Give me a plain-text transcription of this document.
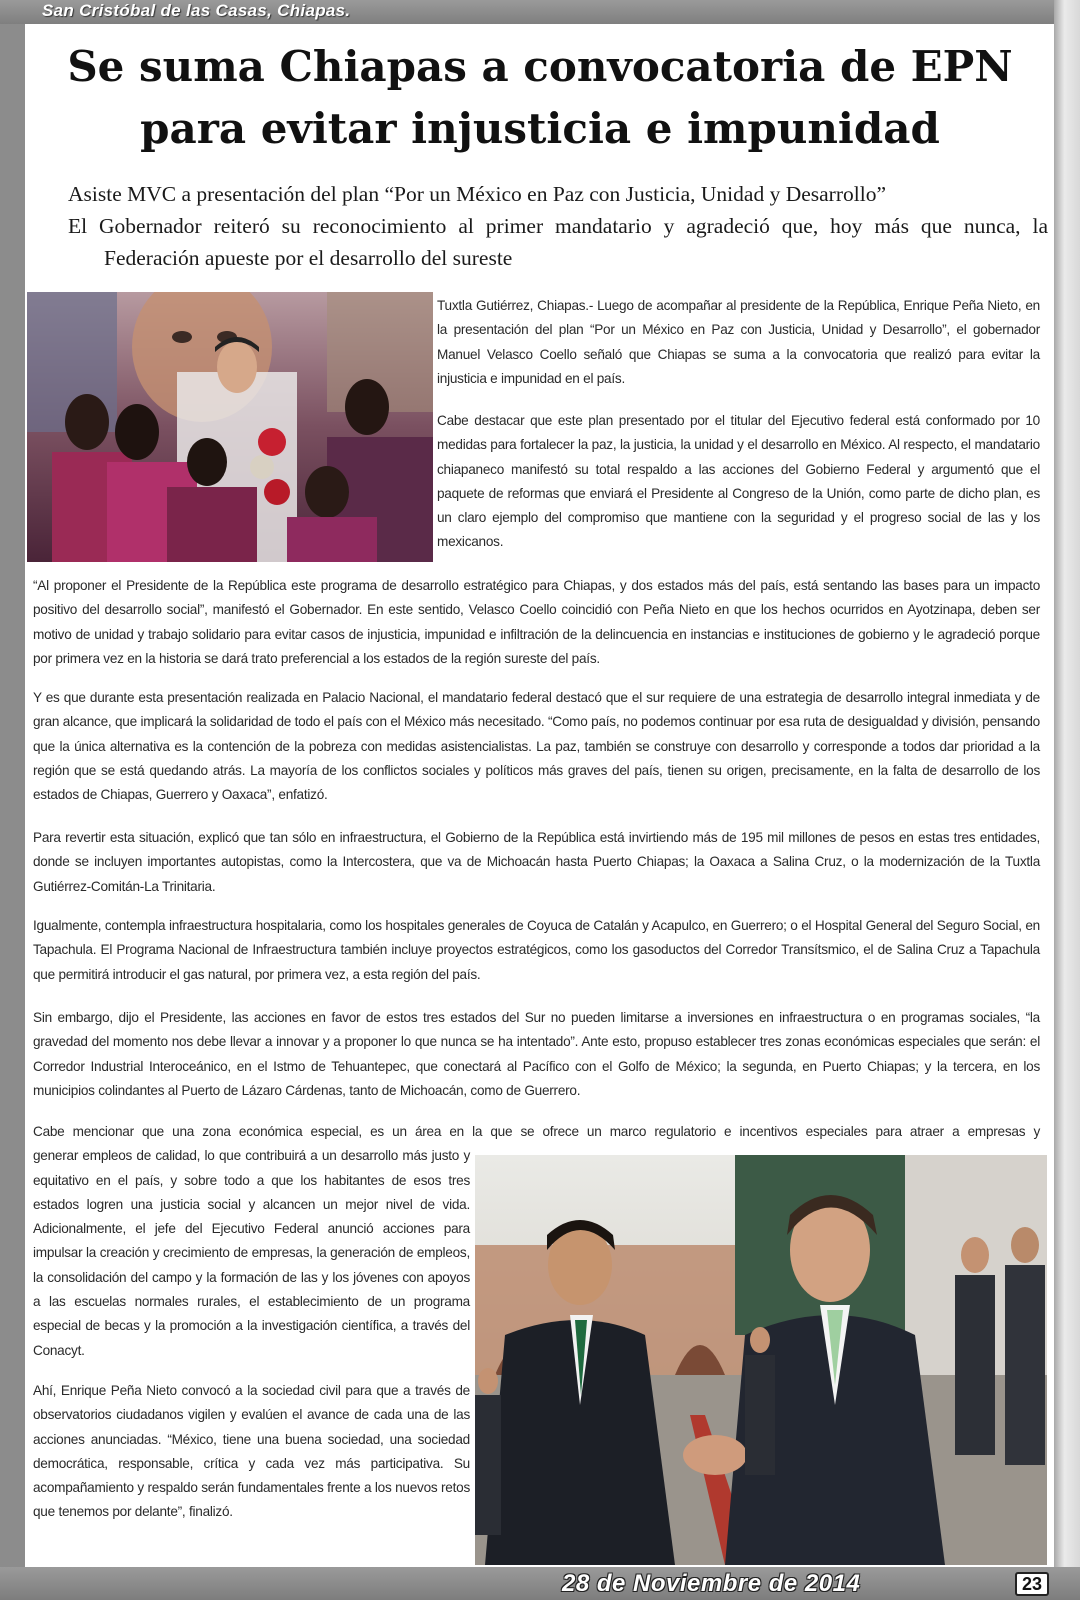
San Cristóbal de las Casas, Chiapas.
Se suma Chiapas a convocatoria de EPN
para evitar injusticia e impunidad

Asiste MVC a presentación del plan “Por un México en Paz con Justicia, Unidad y Desarrollo”

El Gobernador reiteró su reconocimiento al primer mandatario y agradeció que, hoy más que nunca, la Federación apueste por el desarrollo del sureste

Tuxtla Gutiérrez, Chiapas.- Luego de acompañar al presidente de la República, Enrique Peña Nieto, en la presentación del plan “Por un México en Paz con Justicia, Unidad y Desarrollo”, el gobernador Manuel Velasco Coello señaló que Chiapas se suma a la convocatoria que realizó para evitar la injusticia e impunidad en el país.

Cabe destacar que este plan presentado por el titular del Ejecutivo federal está conformado por 10 medidas para fortalecer la paz, la justicia, la unidad y el desarrollo en México. Al respecto, el mandatario chiapaneco manifestó su total respaldo a las acciones del Gobierno Federal y argumentó que el paquete de reformas que enviará el Presidente al Congreso de la Unión, como parte de dicho plan, es un claro ejemplo del compromiso que mantiene con la seguridad y el progreso social de las y los mexicanos.

“Al proponer el Presidente de la República este programa de desarrollo estratégico para Chiapas, y dos estados más del país, está sentando las bases para un impacto positivo del desarrollo social”, manifestó el Gobernador. En este sentido, Velasco Coello coincidió con Peña Nieto en que los hechos ocurridos en Ayotzinapa, deben ser motivo de unidad y trabajo solidario para evitar casos de injusticia, impunidad e infiltración de la delincuencia en instancias e instituciones de gobierno y le agradeció porque por primera vez en la historia se dará trato preferencial a los estados de la región sureste del país.

Y es que durante esta presentación realizada en Palacio Nacional, el mandatario federal destacó que el sur requiere de una estrategia de desarrollo integral inmediata y de gran alcance, que implicará la solidaridad de todo el país con el México más necesitado. “Como país, no podemos continuar por esa ruta de desigualdad y división, pensando que la única alternativa es la contención de la pobreza con medidas asistencialistas. La paz, también se construye con desarrollo y corresponde a todos dar prioridad a la región que se está quedando atrás. La mayoría de los conflictos sociales y políticos más graves del país, tienen su origen, precisamente, en la falta de desarrollo de los estados de Chiapas, Guerrero y Oaxaca”, enfatizó.

Para revertir esta situación, explicó que tan sólo en infraestructura, el Gobierno de la República está invirtiendo más de 195 mil millones de pesos en estas tres entidades, donde se incluyen importantes autopistas, como la Intercostera, que va de Michoacán hasta Puerto Chiapas; la Oaxaca a Salina Cruz, o la modernización de la Tuxtla Gutiérrez-Comitán-La Trinitaria.

Igualmente, contempla infraestructura hospitalaria, como los hospitales generales de Coyuca de Catalán y Acapulco, en Guerrero; o el Hospital General del Seguro Social, en Tapachula. El Programa Nacional de Infraestructura también incluye proyectos estratégicos, como los gasoductos del Corredor Transítsmico, el de Salina Cruz a Tapachula que permitirá introducir el gas natural, por primera vez, a esta región del país.

Sin embargo, dijo el Presidente, las acciones en favor de estos tres estados del Sur no pueden limitarse a inversiones en infraestructura o en programas sociales, “la gravedad del momento nos debe llevar a innovar y a proponer lo que nunca se ha intentado”. Ante esto, propuso establecer tres zonas económicas especiales que serán: el Corredor Industrial Interoceánico, en el Istmo de Tehuantepec, que conectará al Pacífico con el Golfo de México; la segunda, en Puerto Chiapas; y la tercera, en los municipios colindantes al Puerto de Lázaro Cárdenas, tanto de Michoacán, como de Guerrero.

Cabe mencionar que una zona económica especial, es un área en la que se ofrece un marco regulatorio e incentivos especiales para atraer a empresas y
generar empleos de calidad, lo que contribuirá a un desarrollo más justo y equitativo en el país, y sobre todo a que los habitantes de esos tres estados logren una justicia social y alcancen un mejor nivel de vida. Adicionalmente, el jefe del Ejecutivo Federal anunció acciones para impulsar la creación y crecimiento de empresas, la generación de empleos, la consolidación del campo y la formación de las y los jóvenes con apoyos a las escuelas normales rurales, el establecimiento de un programa especial de becas y la promoción a la investigación científica, a través del Conacyt.

Ahí, Enrique Peña Nieto convocó a la sociedad civil para que a través de observatorios ciudadanos vigilen y evalúen el avance de cada una de las acciones anunciadas. “México, tiene una buena sociedad, una sociedad democrática, responsable, crítica y cada vez más participativa. Su acompañamiento y respaldo serán fundamentales frente a los nuevos retos que tenemos por delante”, finalizó.

28 de Noviembre de 2014	23
